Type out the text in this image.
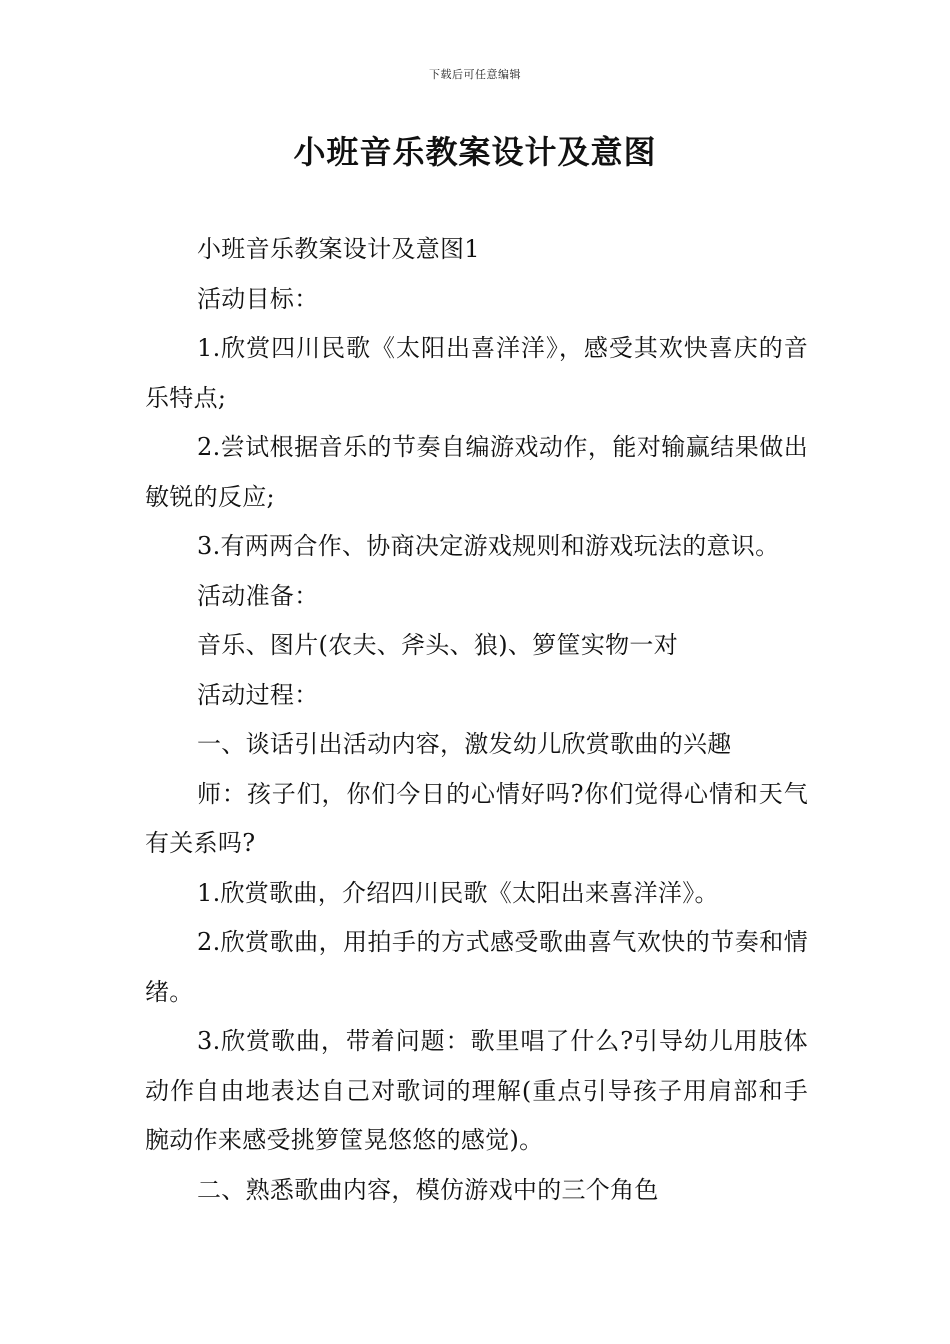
下载后可任意编辑
小班音乐教案设计及意图

小班音乐教案设计及意图1

活动目标：

1.欣赏四川民歌《太阳出喜洋洋》，感受其欢快喜庆的音乐特点;

2.尝试根据音乐的节奏自编游戏动作，能对输赢结果做出敏锐的反应;

3.有两两合作、协商决定游戏规则和游戏玩法的意识。

活动准备：

音乐、图片(农夫、斧头、狼)、箩筐实物一对

活动过程：

一、谈话引出活动内容，激发幼儿欣赏歌曲的兴趣

师：孩子们，你们今日的心情好吗?你们觉得心情和天气有关系吗?

1.欣赏歌曲，介绍四川民歌《太阳出来喜洋洋》。

2.欣赏歌曲，用拍手的方式感受歌曲喜气欢快的节奏和情绪。

3.欣赏歌曲，带着问题：歌里唱了什么?引导幼儿用肢体动作自由地表达自己对歌词的理解(重点引导孩子用肩部和手腕动作来感受挑箩筐晃悠悠的感觉)。

二、熟悉歌曲内容，模仿游戏中的三个角色
